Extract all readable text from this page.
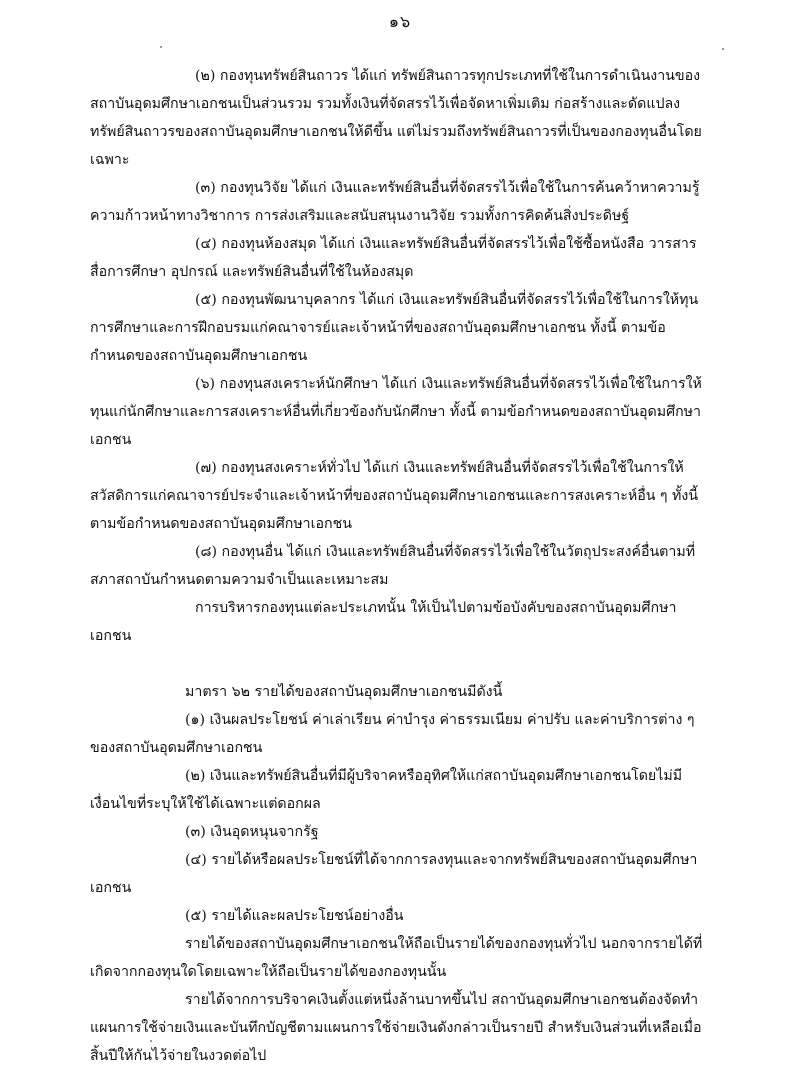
๑๖

(๒) กองทุนทรัพย์สินถาวร ได้แก่ ทรัพย์สินถาวรทุกประเภทที่ใช้ในการดำเนินงานของสถาบันอุดมศึกษาเอกชนเป็นส่วนรวม รวมทั้งเงินที่จัดสรรไว้เพื่อจัดหาเพิ่มเติม ก่อสร้างและดัดแปลงทรัพย์สินถาวรของสถาบันอุดมศึกษาเอกชนให้ดีขึ้น แต่ไม่รวมถึงทรัพย์สินถาวรที่เป็นของกองทุนอื่นโดยเฉพาะ

(๓) กองทุนวิจัย ได้แก่ เงินและทรัพย์สินอื่นที่จัดสรรไว้เพื่อใช้ในการค้นคว้าหาความรู้ความก้าวหน้าทางวิชาการ การส่งเสริมและสนับสนุนงานวิจัย รวมทั้งการคิดค้นสิ่งประดิษฐ์

(๔) กองทุนห้องสมุด ได้แก่ เงินและทรัพย์สินอื่นที่จัดสรรไว้เพื่อใช้ซื้อหนังสือ วารสาร สื่อการศึกษา อุปกรณ์ และทรัพย์สินอื่นที่ใช้ในห้องสมุด

(๕) กองทุนพัฒนาบุคลากร ได้แก่ เงินและทรัพย์สินอื่นที่จัดสรรไว้เพื่อใช้ในการให้ทุนการศึกษาและการฝึกอบรมแก่คณาจารย์และเจ้าหน้าที่ของสถาบันอุดมศึกษาเอกชน ทั้งนี้ ตามข้อกำหนดของสถาบันอุดมศึกษาเอกชน

(๖) กองทุนสงเคราะห์นักศึกษา ได้แก่ เงินและทรัพย์สินอื่นที่จัดสรรไว้เพื่อใช้ในการให้ทุนแก่นักศึกษาและการสงเคราะห์อื่นที่เกี่ยวข้องกับนักศึกษา ทั้งนี้ ตามข้อกำหนดของสถาบันอุดมศึกษาเอกชน

(๗) กองทุนสงเคราะห์ทั่วไป ได้แก่ เงินและทรัพย์สินอื่นที่จัดสรรไว้เพื่อใช้ในการให้สวัสดิการแก่คณาจารย์ประจำและเจ้าหน้าที่ของสถาบันอุดมศึกษาเอกชนและการสงเคราะห์อื่น ๆ ทั้งนี้ ตามข้อกำหนดของสถาบันอุดมศึกษาเอกชน

(๘) กองทุนอื่น ได้แก่ เงินและทรัพย์สินอื่นที่จัดสรรไว้เพื่อใช้ในวัตถุประสงค์อื่นตามที่สภาสถาบันกำหนดตามความจำเป็นและเหมาะสม

การบริหารกองทุนแต่ละประเภทนั้น ให้เป็นไปตามข้อบังคับของสถาบันอุดมศึกษาเอกชน

มาตรา ๖๒ รายได้ของสถาบันอุดมศึกษาเอกชนมีดังนี้

(๑) เงินผลประโยชน์ ค่าเล่าเรียน ค่าบำรุง ค่าธรรมเนียม ค่าปรับ และค่าบริการต่าง ๆ ของสถาบันอุดมศึกษาเอกชน

(๒) เงินและทรัพย์สินอื่นที่มีผู้บริจาคหรืออุทิศให้แก่สถาบันอุดมศึกษาเอกชนโดยไม่มีเงื่อนไขที่ระบุให้ใช้ได้เฉพาะแต่ดอกผล

(๓) เงินอุดหนุนจากรัฐ

(๔) รายได้หรือผลประโยชน์ที่ได้จากการลงทุนและจากทรัพย์สินของสถาบันอุดมศึกษาเอกชน

(๕) รายได้และผลประโยชน์อย่างอื่น

รายได้ของสถาบันอุดมศึกษาเอกชนให้ถือเป็นรายได้ของกองทุนทั่วไป นอกจากรายได้ที่เกิดจากกองทุนใดโดยเฉพาะให้ถือเป็นรายได้ของกองทุนนั้น

รายได้จากการบริจาคเงินตั้งแต่หนึ่งล้านบาทขึ้นไป สถาบันอุดมศึกษาเอกชนต้องจัดทำแผนการใช้จ่ายเงินและบันทึกบัญชีตามแผนการใช้จ่ายเงินดังกล่าวเป็นรายปี สำหรับเงินส่วนที่เหลือเมื่อสิ้นปีให้กันไว้จ่ายในงวดต่อไป
